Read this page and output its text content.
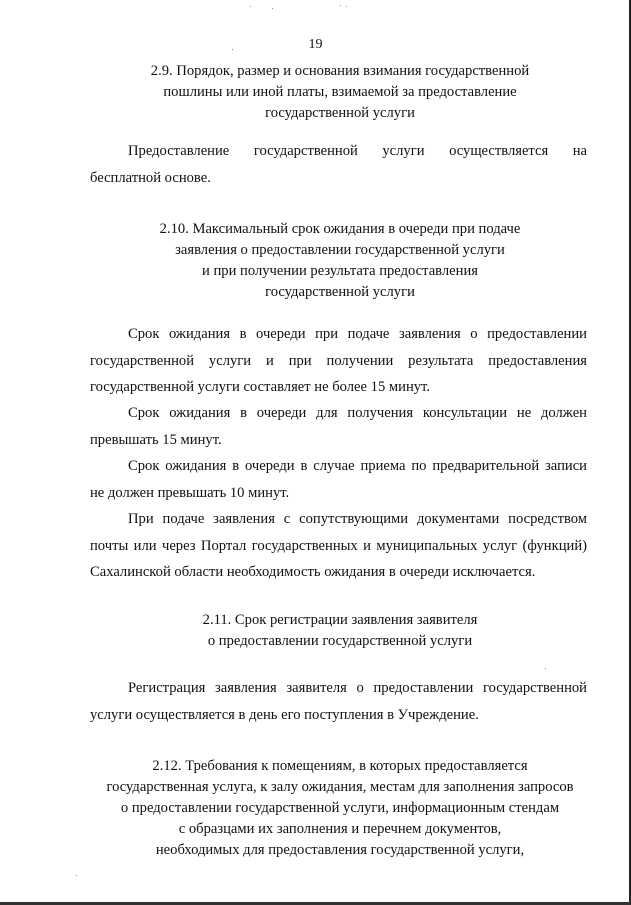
19
2.9. Порядок, размер и основания взимания государственной
пошлины или иной платы, взимаемой за предоставление
государственной услуги
Предоставление государственной услуги осуществляется на
бесплатной основе.
2.10. Максимальный срок ожидания в очереди при подаче
заявления о предоставлении государственной услуги
и при получении результата предоставления
государственной услуги
Срок ожидания в очереди при подаче заявления о предоставлении
государственной услуги и при получении результата предоставления
государственной услуги составляет не более 15 минут.
Срок ожидания в очереди для получения консультации не должен
превышать 15 минут.
Срок ожидания в очереди в случае приема по предварительной записи
не должен превышать 10 минут.
При подаче заявления с сопутствующими документами посредством
почты или через Портал государственных и муниципальных услуг (функций)
Сахалинской области необходимость ожидания в очереди исключается.
2.11. Срок регистрации заявления заявителя
о предоставлении государственной услуги
Регистрация заявления заявителя о предоставлении государственной
услуги осуществляется в день его поступления в Учреждение.
2.12. Требования к помещениям, в которых предоставляется
государственная услуга, к залу ожидания, местам для заполнения запросов
о предоставлении государственной услуги, информационным стендам
с образцами их заполнения и перечнем документов,
необходимых для предоставления государственной услуги,
